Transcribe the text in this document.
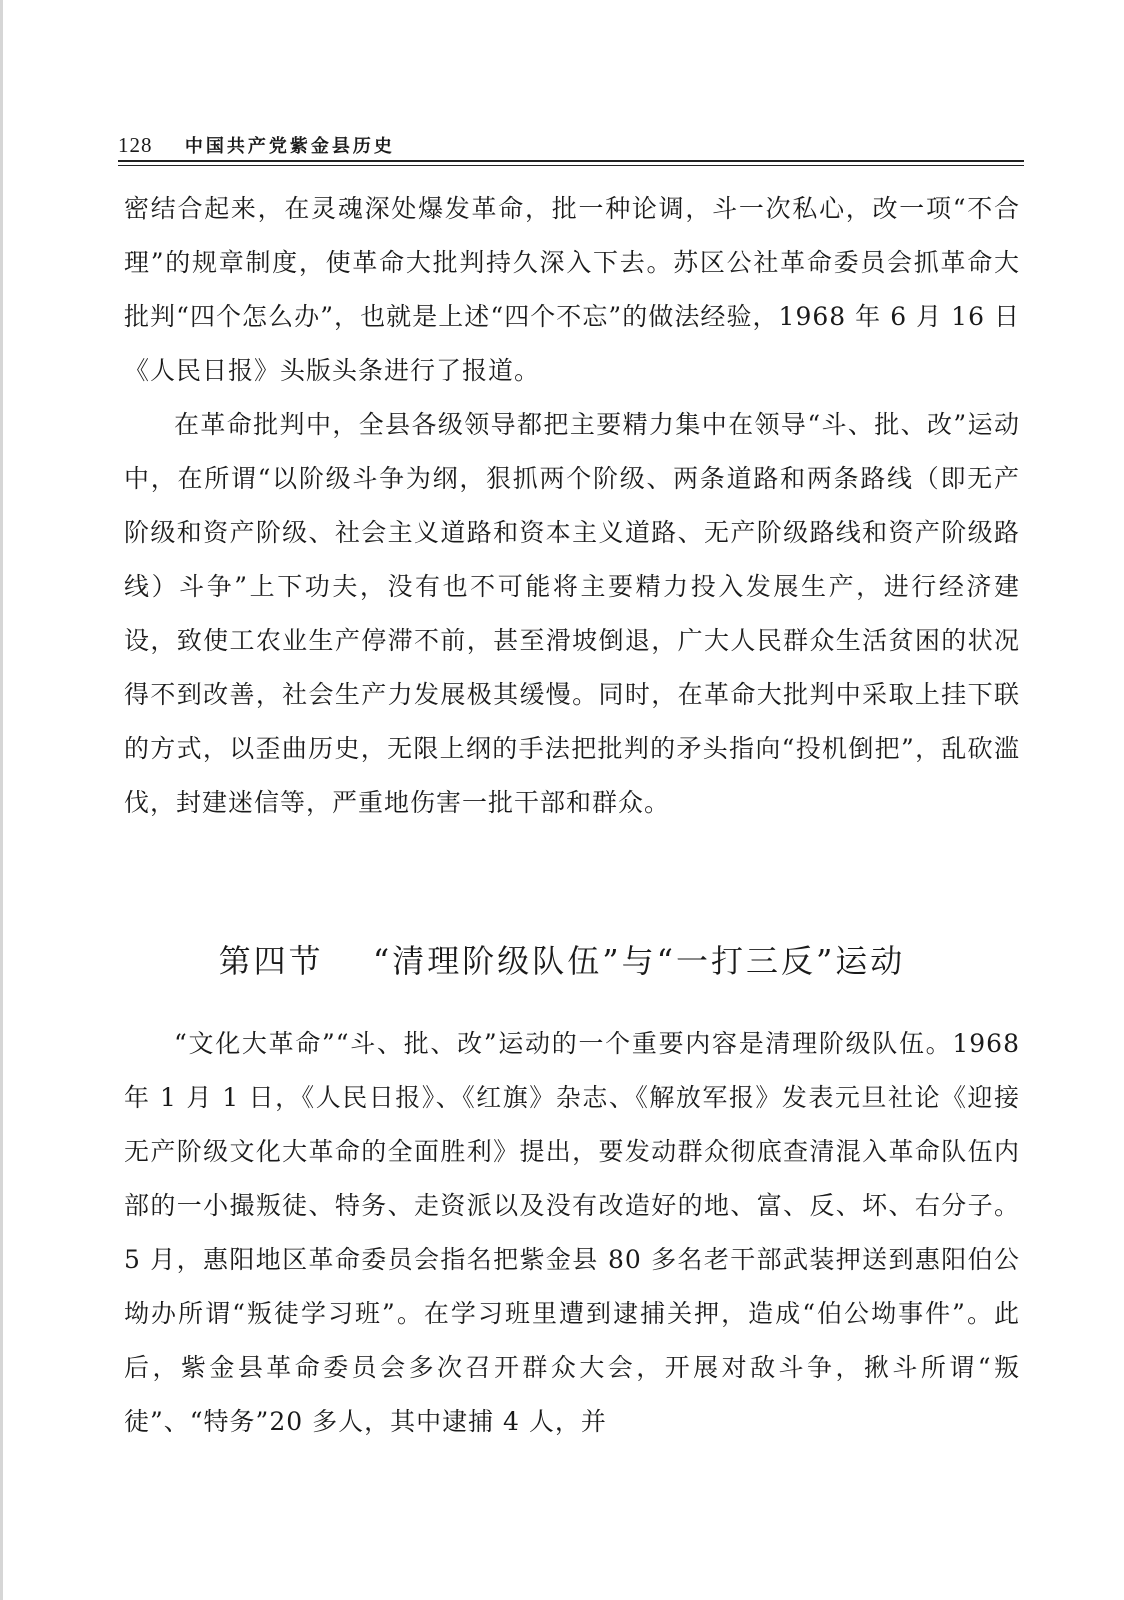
128 中国共产党紫金县历史

密结合起来，在灵魂深处爆发革命，批一种论调，斗一次私心，改一项“不合理”的规章制度，使革命大批判持久深入下去。苏区公社革命委员会抓革命大批判“四个怎么办”，也就是上述“四个不忘”的做法经验，1968 年 6 月 16 日《人民日报》头版头条进行了报道。

在革命批判中，全县各级领导都把主要精力集中在领导“斗、批、改”运动中，在所谓“以阶级斗争为纲，狠抓两个阶级、两条道路和两条路线（即无产阶级和资产阶级、社会主义道路和资本主义道路、无产阶级路线和资产阶级路线）斗争”上下功夫，没有也不可能将主要精力投入发展生产，进行经济建设，致使工农业生产停滞不前，甚至滑坡倒退，广大人民群众生活贫困的状况得不到改善，社会生产力发展极其缓慢。同时，在革命大批判中采取上挂下联的方式，以歪曲历史，无限上纲的手法把批判的矛头指向“投机倒把”，乱砍滥伐，封建迷信等，严重地伤害一批干部和群众。

第四节 “清理阶级队伍”与“一打三反”运动

“文化大革命”“斗、批、改”运动的一个重要内容是清理阶级队伍。1968 年 1 月 1 日，《人民日报》、《红旗》杂志、《解放军报》发表元旦社论《迎接无产阶级文化大革命的全面胜利》提出，要发动群众彻底查清混入革命队伍内部的一小撮叛徒、特务、走资派以及没有改造好的地、富、反、坏、右分子。5 月，惠阳地区革命委员会指名把紫金县 80 多名老干部武装押送到惠阳伯公坳办所谓“叛徒学习班”。在学习班里遭到逮捕关押，造成“伯公坳事件”。此后，紫金县革命委员会多次召开群众大会，开展对敌斗争，揪斗所谓“叛徒”、“特务”20 多人，其中逮捕 4 人，并
